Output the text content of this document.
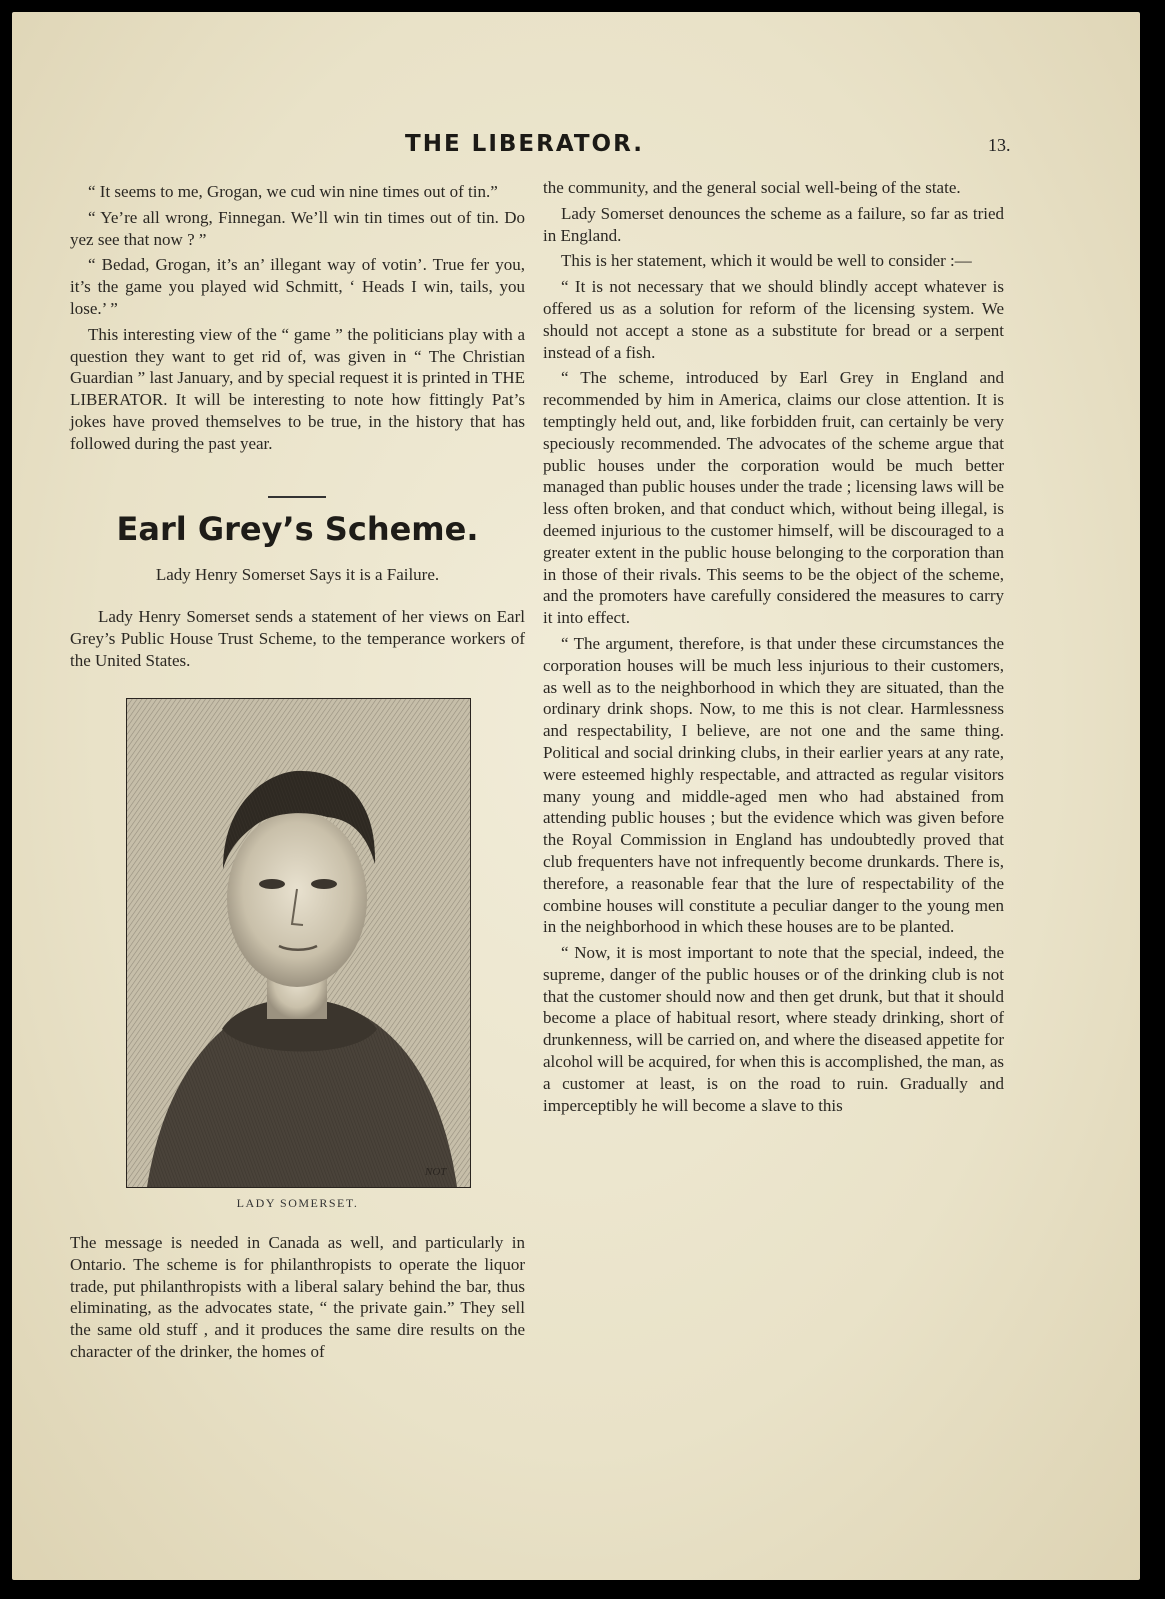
THE LIBERATOR.	13.

“ It seems to me, Grogan, we cud win nine times out of tin.”

“ Ye’re all wrong, Finnegan. We’ll win tin times out of tin. Do yez see that now ? ”

“ Bedad, Grogan, it’s an’ illegant way of votin’. True fer you, it’s the game you played wid Schmitt, ‘ Heads I win, tails, you lose.’ ”

This interesting view of the “ game ” the politicians play with a question they want to get rid of, was given in “ The Christian Guardian ” last January, and by special request it is printed in THE LIBERATOR. It will be interesting to note how fittingly Pat’s jokes have proved themselves to be true, in the history that has followed during the past year.

Earl Grey’s Scheme.
Lady Henry Somerset Says it is a Failure.

Lady Henry Somerset sends a statement of her views on Earl Grey’s Public House Trust Scheme, to the temperance workers of the United States.

NOT
LADY SOMERSET.

The message is needed in Canada as well, and particularly in Ontario. The scheme is for philanthropists to operate the liquor trade, put philanthropists with a liberal salary behind the bar, thus eliminating, as the advocates state, “ the private gain.” They sell the same old stuff , and it produces the same dire results on the character of the drinker, the homes of

the community, and the general social well-being of the state.

Lady Somerset denounces the scheme as a failure, so far as tried in England.

This is her statement, which it would be well to consider :—

“ It is not necessary that we should blindly accept whatever is offered us as a solution for reform of the licensing system. We should not accept a stone as a substitute for bread or a serpent instead of a fish.

“ The scheme, introduced by Earl Grey in England and recommended by him in America, claims our close attention. It is temptingly held out, and, like forbidden fruit, can certainly be very speciously recommended. The advocates of the scheme argue that public houses under the corporation would be much better managed than public houses under the trade ; licensing laws will be less often broken, and that conduct which, without being illegal, is deemed injurious to the customer himself, will be discouraged to a greater extent in the public house belonging to the corporation than in those of their rivals. This seems to be the object of the scheme, and the promoters have carefully considered the measures to carry it into effect.

“ The argument, therefore, is that under these circumstances the corporation houses will be much less injurious to their customers, as well as to the neighborhood in which they are situated, than the ordinary drink shops. Now, to me this is not clear. Harmlessness and respectability, I believe, are not one and the same thing. Political and social drinking clubs, in their earlier years at any rate, were esteemed highly respectable, and attracted as regular visitors many young and middle-aged men who had abstained from attending public houses ; but the evidence which was given before the Royal Commission in England has undoubtedly proved that club frequenters have not infrequently become drunkards. There is, therefore, a reasonable fear that the lure of respectability of the combine houses will constitute a peculiar danger to the young men in the neighborhood in which these houses are to be planted.

“ Now, it is most important to note that the special, indeed, the supreme, danger of the public houses or of the drinking club is not that the customer should now and then get drunk, but that it should become a place of habitual resort, where steady drinking, short of drunkenness, will be carried on, and where the diseased appetite for alcohol will be acquired, for when this is accomplished, the man, as a customer at least, is on the road to ruin. Gradually and imperceptibly he will become a slave to this
